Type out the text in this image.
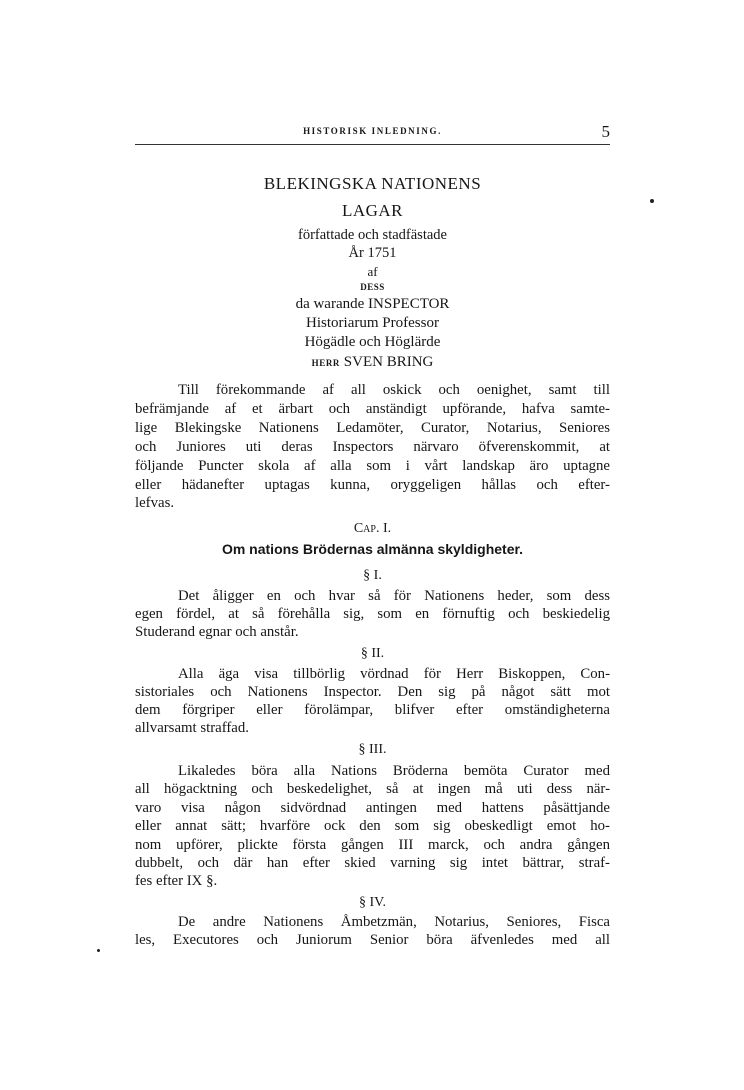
HISTORISK INLEDNING.	5
BLEKINGSKA NATIONENS
LAGAR
författade och stadfästade
År 1751
af
DESS
da warande INSPECTOR
Historiarum Professor
Högädle och Höglärde
HERR SVEN BRING
Till förekommande af all oskick och oenighet, samt till
befrämjande af et ärbart och anständigt upförande, hafva samte-
lige Blekingske Nationens Ledamöter, Curator, Notarius, Seniores
och Juniores uti deras Inspectors närvaro öfverenskommit, at
följande Puncter skola af alla som i vårt landskap äro uptagne
eller hädanefter uptagas kunna, oryggeligen hållas och efter-
lefvas.
Cap. I.
Om nations Brödernas almänna skyldigheter.
§ I.
Det åligger en och hvar så för Nationens heder, som dess
egen fördel, at så förehålla sig, som en förnuftig och beskiedelig
Studerand egnar och anstår.
§ II.
Alla äga visa tillbörlig vördnad för Herr Biskoppen, Con-
sistoriales och Nationens Inspector. Den sig på något sätt mot
dem förgriper eller förolämpar, blifver efter omständigheterna
allvarsamt straffad.
§ III.
Likaledes böra alla Nations Bröderna bemöta Curator med
all högacktning och beskedelighet, så at ingen må uti dess när-
varo visa någon sidvördnad antingen med hattens påsättjande
eller annat sätt; hvarföre ock den som sig obeskedligt emot ho-
nom upförer, plickte första gången III marck, och andra gången
dubbelt, och där han efter skied varning sig intet bättrar, straf-
fes efter IX §.
§ IV.
De andre Nationens Åmbetzmän, Notarius, Seniores, Fisca
les, Executores och Juniorum Senior böra äfvenledes med all
